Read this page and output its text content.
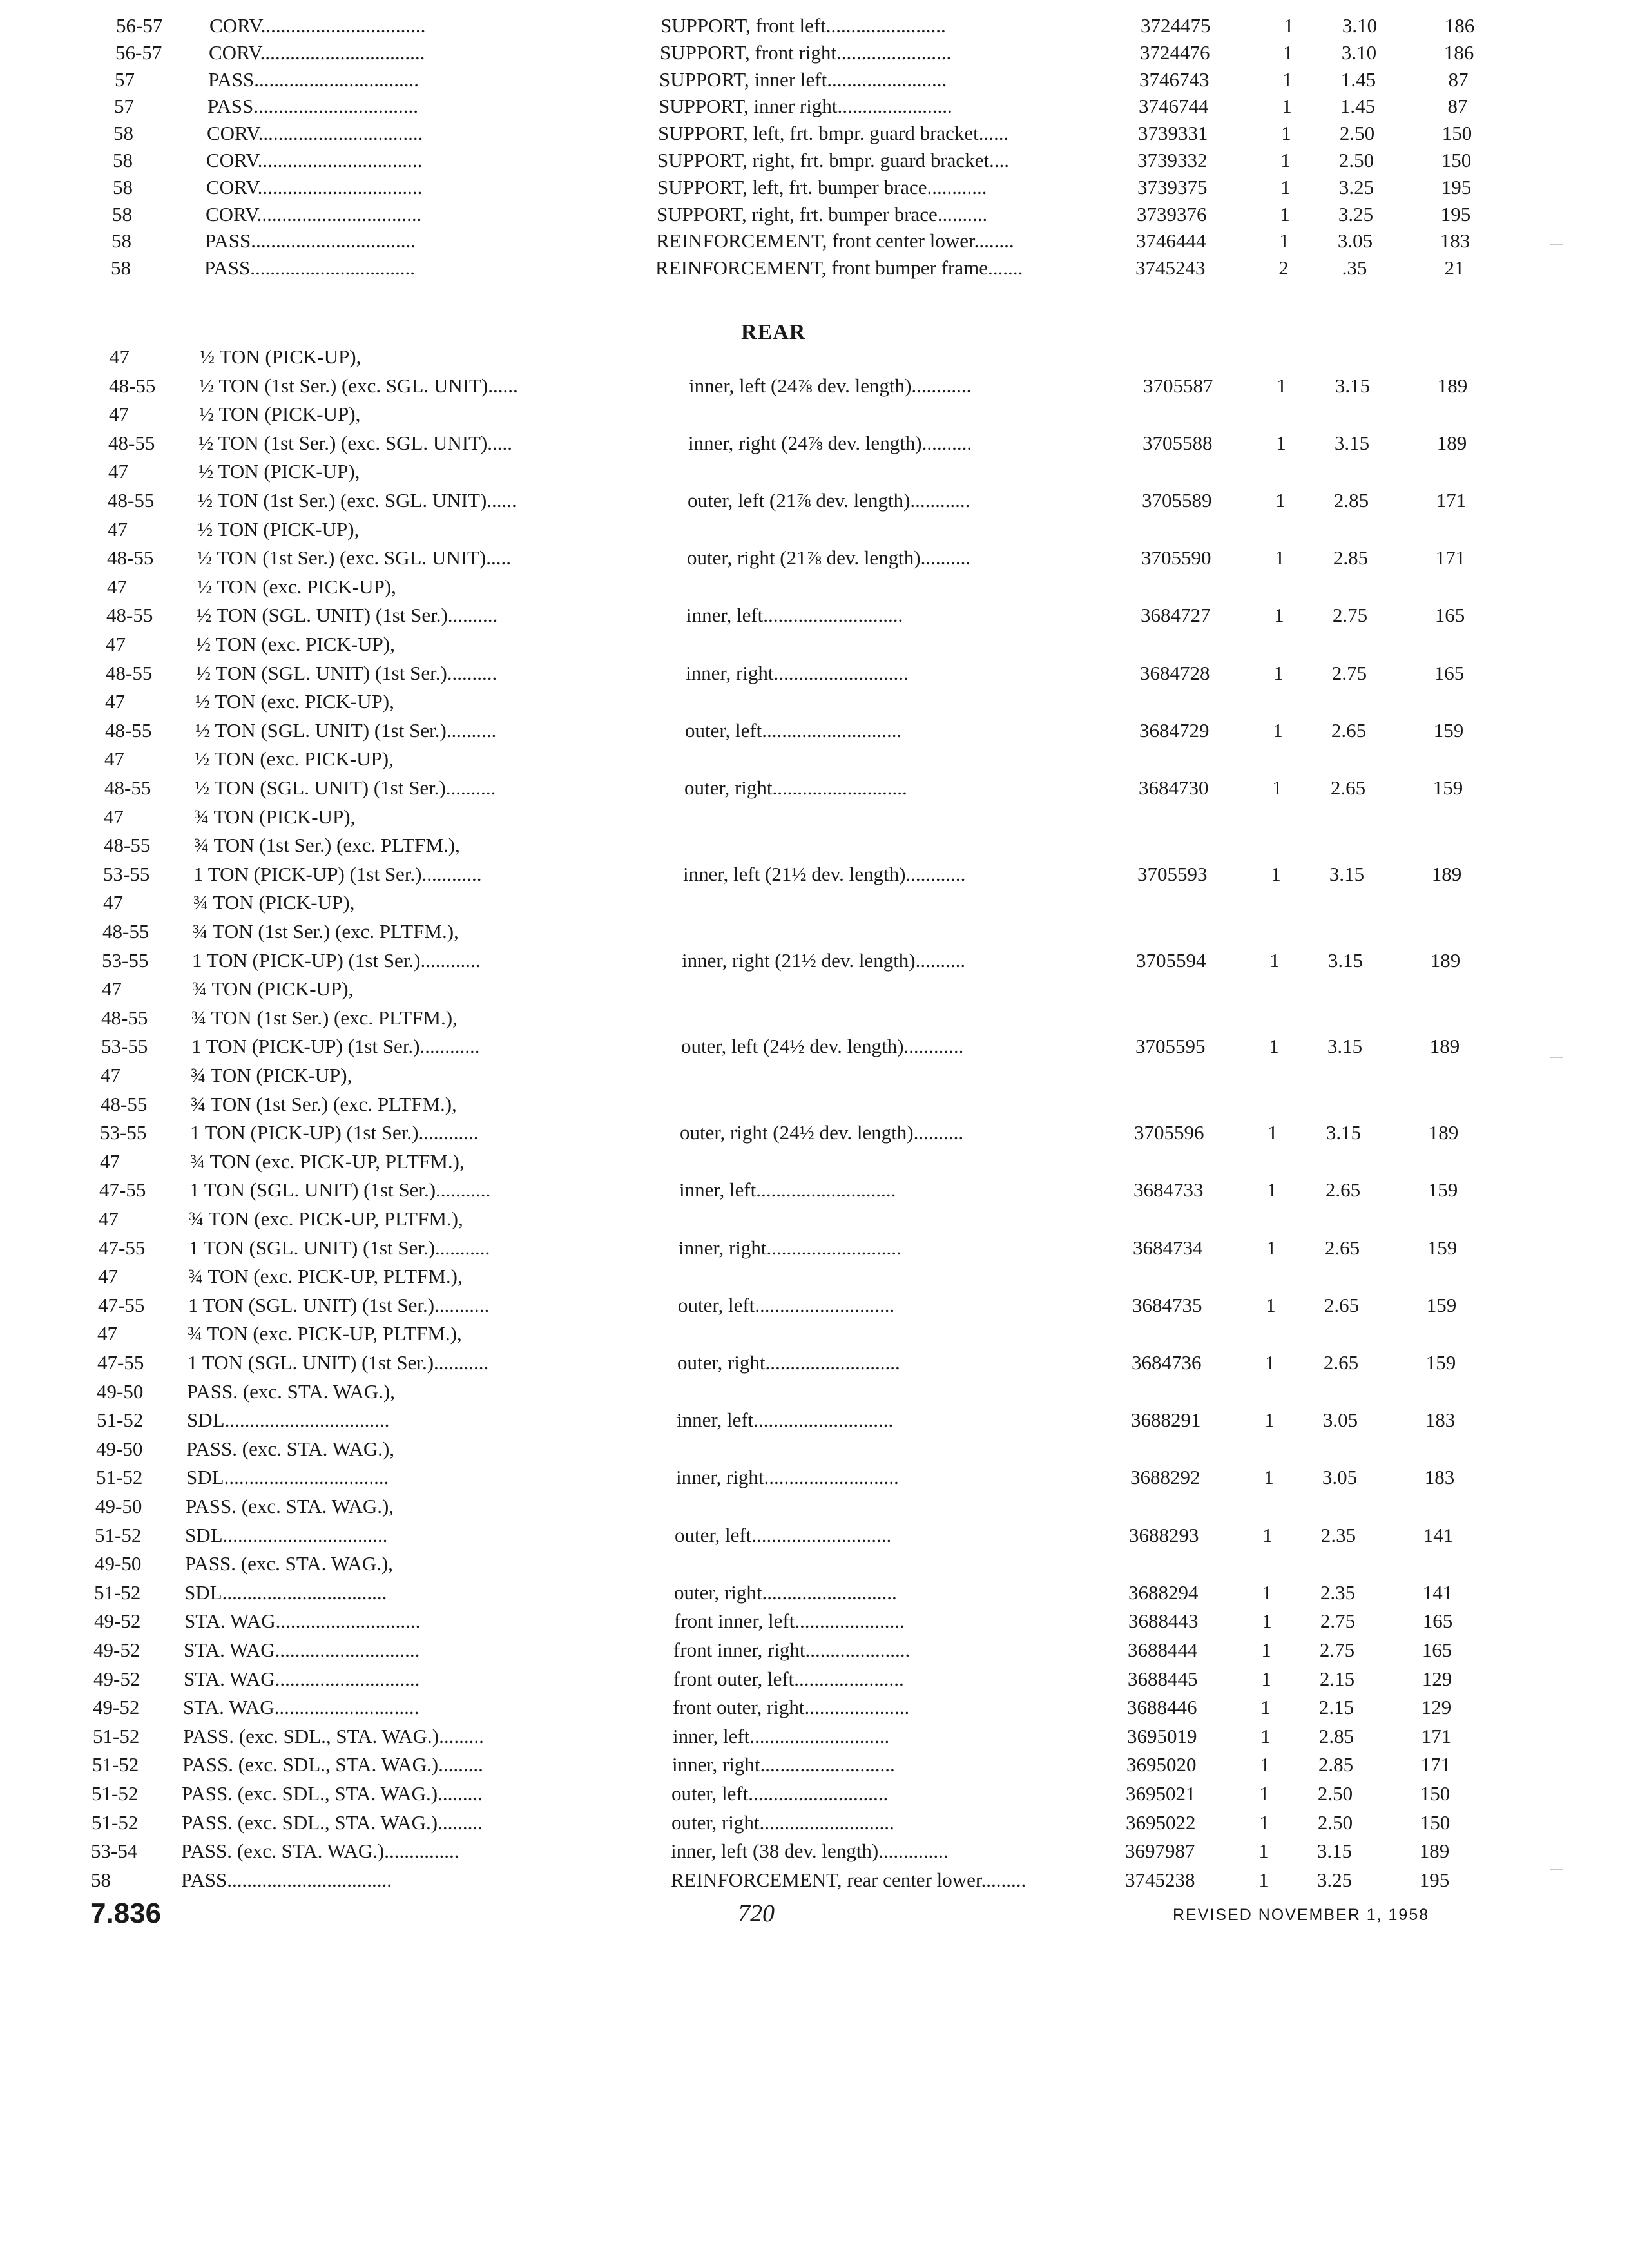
56-57	CORV.................................	SUPPORT, front left........................	3724475	1	3.10	186
56-57	CORV.................................	SUPPORT, front right.......................	3724476	1	3.10	186
57	PASS.................................	SUPPORT, inner left........................	3746743	1	1.45	87
57	PASS.................................	SUPPORT, inner right.......................	3746744	1	1.45	87
58	CORV.................................	SUPPORT, left, frt. bmpr. guard bracket......	3739331	1	2.50	150
58	CORV.................................	SUPPORT, right, frt. bmpr. guard bracket....	3739332	1	2.50	150
58	CORV.................................	SUPPORT, left, frt. bumper brace............	3739375	1	3.25	195
58	CORV.................................	SUPPORT, right, frt. bumper brace..........	3739376	1	3.25	195
58	PASS.................................	REINFORCEMENT, front center lower........	3746444	1	3.05	183
58	PASS.................................	REINFORCEMENT, front bumper frame.......	3745243	2	.35	21
REAR
47	½ TON (PICK-UP),
48-55	½ TON (1st Ser.) (exc. SGL. UNIT)......	inner, left (24⅞ dev. length)............	3705587	1	3.15	189
47	½ TON (PICK-UP),
48-55	½ TON (1st Ser.) (exc. SGL. UNIT).....	inner, right (24⅞ dev. length)..........	3705588	1	3.15	189
47	½ TON (PICK-UP),
48-55	½ TON (1st Ser.) (exc. SGL. UNIT)......	outer, left (21⅞ dev. length)............	3705589	1	2.85	171
47	½ TON (PICK-UP),
48-55	½ TON (1st Ser.) (exc. SGL. UNIT).....	outer, right (21⅞ dev. length)..........	3705590	1	2.85	171
47	½ TON (exc. PICK-UP),
48-55	½ TON (SGL. UNIT) (1st Ser.)..........	inner, left............................	3684727	1	2.75	165
47	½ TON (exc. PICK-UP),
48-55	½ TON (SGL. UNIT) (1st Ser.)..........	inner, right...........................	3684728	1	2.75	165
47	½ TON (exc. PICK-UP),
48-55	½ TON (SGL. UNIT) (1st Ser.)..........	outer, left............................	3684729	1	2.65	159
47	½ TON (exc. PICK-UP),
48-55	½ TON (SGL. UNIT) (1st Ser.)..........	outer, right...........................	3684730	1	2.65	159
47	¾ TON (PICK-UP),
48-55	¾ TON (1st Ser.) (exc. PLTFM.),
53-55	1 TON (PICK-UP) (1st Ser.)............	inner, left (21½ dev. length)............	3705593	1	3.15	189
47	¾ TON (PICK-UP),
48-55	¾ TON (1st Ser.) (exc. PLTFM.),
53-55	1 TON (PICK-UP) (1st Ser.)............	inner, right (21½ dev. length)..........	3705594	1	3.15	189
47	¾ TON (PICK-UP),
48-55	¾ TON (1st Ser.) (exc. PLTFM.),
53-55	1 TON (PICK-UP) (1st Ser.)............	outer, left (24½ dev. length)............	3705595	1	3.15	189
47	¾ TON (PICK-UP),
48-55	¾ TON (1st Ser.) (exc. PLTFM.),
53-55	1 TON (PICK-UP) (1st Ser.)............	outer, right (24½ dev. length)..........	3705596	1	3.15	189
47	¾ TON (exc. PICK-UP, PLTFM.),
47-55	1 TON (SGL. UNIT) (1st Ser.)...........	inner, left............................	3684733	1	2.65	159
47	¾ TON (exc. PICK-UP, PLTFM.),
47-55	1 TON (SGL. UNIT) (1st Ser.)...........	inner, right...........................	3684734	1	2.65	159
47	¾ TON (exc. PICK-UP, PLTFM.),
47-55	1 TON (SGL. UNIT) (1st Ser.)...........	outer, left............................	3684735	1	2.65	159
47	¾ TON (exc. PICK-UP, PLTFM.),
47-55	1 TON (SGL. UNIT) (1st Ser.)...........	outer, right...........................	3684736	1	2.65	159
49-50	PASS. (exc. STA. WAG.),
51-52	SDL.................................	inner, left............................	3688291	1	3.05	183
49-50	PASS. (exc. STA. WAG.),
51-52	SDL.................................	inner, right...........................	3688292	1	3.05	183
49-50	PASS. (exc. STA. WAG.),
51-52	SDL.................................	outer, left............................	3688293	1	2.35	141
49-50	PASS. (exc. STA. WAG.),
51-52	SDL.................................	outer, right...........................	3688294	1	2.35	141
49-52	STA. WAG.............................	front inner, left......................	3688443	1	2.75	165
49-52	STA. WAG.............................	front inner, right.....................	3688444	1	2.75	165
49-52	STA. WAG.............................	front outer, left......................	3688445	1	2.15	129
49-52	STA. WAG.............................	front outer, right.....................	3688446	1	2.15	129
51-52	PASS. (exc. SDL., STA. WAG.).........	inner, left............................	3695019	1	2.85	171
51-52	PASS. (exc. SDL., STA. WAG.).........	inner, right...........................	3695020	1	2.85	171
51-52	PASS. (exc. SDL., STA. WAG.).........	outer, left............................	3695021	1	2.50	150
51-52	PASS. (exc. SDL., STA. WAG.).........	outer, right...........................	3695022	1	2.50	150
53-54	PASS. (exc. STA. WAG.)...............	inner, left (38 dev. length)..............	3697987	1	3.15	189
58	PASS.................................	REINFORCEMENT, rear center lower.........	3745238	1	3.25	195
7.836	720	REVISED NOVEMBER 1, 1958
